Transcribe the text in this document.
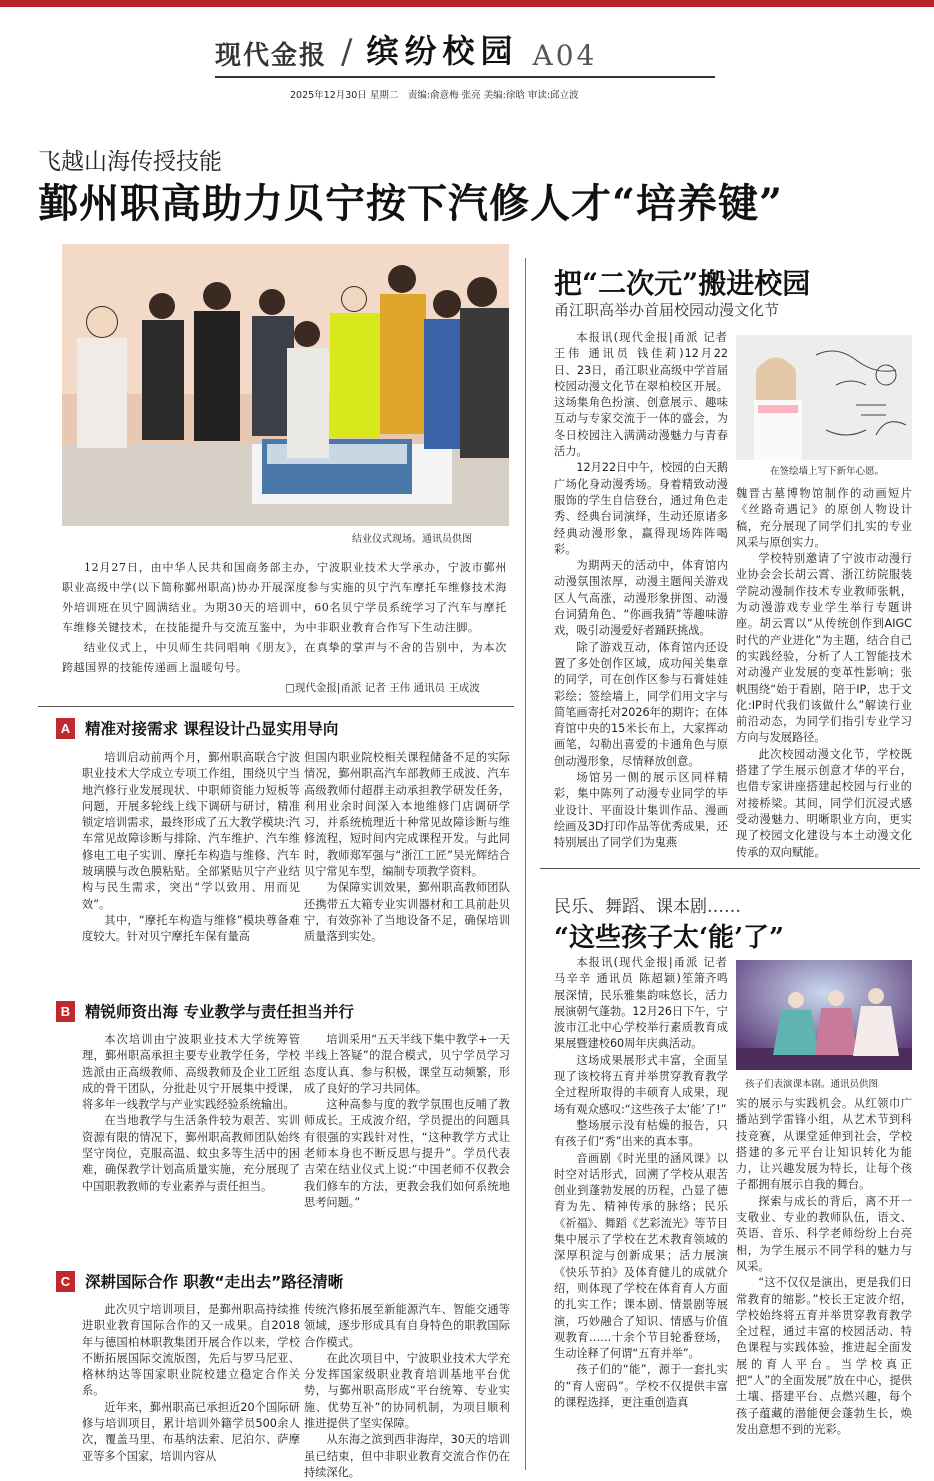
现代金报 / 缤纷校园 A04
2025年12月30日 星期二　责编:俞意梅 张亮 美编:徐晗 审读:邱立波
飞越山海传授技能
鄞州职高助力贝宁按下汽修人才“培养键”
结业仪式现场。通讯员供图

12月27日，由中华人民共和国商务部主办，宁波职业技术大学承办，宁波市鄞州职业高级中学(以下简称鄞州职高)协办开展深度参与实施的贝宁汽车摩托车维修技术海外培训班在贝宁圆满结业。为期30天的培训中，60名贝宁学员系统学习了汽车与摩托车维修关键技术，在技能提升与交流互鉴中，为中非职业教育合作写下生动注脚。

结业仪式上，中贝师生共同唱响《朋友》，在真挚的掌声与不舍的告别中，为本次跨越国界的技能传递画上温暖句号。

□现代金报|甬派 记者 王伟 通讯员 王成波
A 精准对接需求 课程设计凸显实用导向

培训启动前两个月，鄞州职高联合宁波职业技术大学成立专项工作组，围绕贝宁当地汽修行业发展现状、中职师资能力短板等问题，开展多轮线上线下调研与研讨，精准锁定培训需求，最终形成了五大教学模块:汽车常见故障诊断与排除、汽车维护、汽车维修电工电子实训、摩托车构造与维修、汽车玻璃膜与改色膜粘贴。全部紧贴贝宁产业结构与民生需求，突出“学以致用、用而见效”。

其中，“摩托车构造与维修”模块尊备难度较大。针对贝宁摩托车保有量高

但国内职业院校相关课程储备不足的实际情况，鄞州职高汽车部教师王成波、汽车高级教师付超群主动承担教学研发任务，利用业余时间深入本地维修门店调研学习，并系统梳理近十种常见故障诊断与维修流程，短时间内完成课程开发。与此同时，教师郑军强与“浙江工匠”吴光辉结合贝宁常见车型，编制专项教学资料。

为保障实训效果，鄞州职高教师团队还携带五大箱专业实训器材和工具前赴贝宁，有效弥补了当地设备不足，确保培训质量落到实处。

B 精锐师资出海 专业教学与责任担当并行

本次培训由宁波职业技术大学统筹管理，鄞州职高承担主要专业教学任务，学校选派由正高级教师、高级教师及企业工匠组成的骨干团队，分批赴贝宁开展集中授课，将多年一线教学与产业实践经验系统输出。

在当地教学与生活条件较为艰苦、实训资源有限的情况下，鄞州职高教师团队始终坚守岗位，克服高温、蚊虫多等生活中的困难，确保教学计划高质量实施，充分展现了中国职教教师的专业素养与责任担当。

培训采用“五天半线下集中教学+一天半线上答疑”的混合模式，贝宁学员学习态度认真、参与积极，课堂互动频繁，形成了良好的学习共同体。

这种高参与度的教学氛围也反哺了教师成长。王成波介绍，学员提出的问题具有很强的实践针对性，“这种教学方式让老师本身也不断反思与提升”。学员代表吉荣在结业仪式上说:“中国老师不仅教会我们修车的方法，更教会我们如何系统地思考问题。”

C 深耕国际合作 职教“走出去”路径清晰

此次贝宁培训项目，是鄞州职高持续推进职业教育国际合作的又一成果。自2018年与德国柏林职教集团开展合作以来，学校不断拓展国际交流版图，先后与罗马尼亚、格林纳达等国家职业院校建立稳定合作关系。

近年来，鄞州职高已承担近20个国际研修与培训项目，累计培训外籍学员500余人次，覆盖马里、布基纳法索、尼泊尔、萨摩亚等多个国家，培训内容从

传统汽修拓展至新能源汽车、智能交通等领域，逐步形成具有自身特色的职教国际合作模式。

在此次项目中，宁波职业技术大学充分发挥国家级职业教育培训基地平台优势，与鄞州职高形成“平台统筹、专业实施、优势互补”的协同机制，为项目顺利推进提供了坚实保障。

从东海之滨到西非海岸，30天的培训虽已结束，但中非职业教育交流合作仍在持续深化。

把“二次元”搬进校园
甬江职高举办首届校园动漫文化节

本报讯(现代金报|甬派 记者 王伟 通讯员 钱佳莉)12月22日、23日，甬江职业高级中学首届校园动漫文化节在翠柏校区开展。这场集角色扮演、创意展示、趣味互动与专家交流于一体的盛会，为冬日校园注入满满动漫魅力与青春活力。

12月22日中午，校园的白天鹅广场化身动漫秀场。身着精致动漫服饰的学生自信登台，通过角色走秀、经典台词演绎，生动还原诸多经典动漫形象，赢得现场阵阵喝彩。

为期两天的活动中，体育馆内动漫氛围浓厚，动漫主题闯关游戏区人气高涨，动漫形象拼图、动漫台词猜角色、“你画我猜”等趣味游戏，吸引动漫爱好者踊跃挑战。

除了游戏互动，体育馆内还设置了多处创作区域，成功闯关集章的同学，可在创作区参与石膏娃娃彩绘；签绘墙上，同学们用文字与简笔画寄托对2026年的期许；在体育馆中央的15米长布上，大家挥动画笔，勾勒出喜爱的卡通角色与原创动漫形象，尽情释放创意。

场馆另一侧的展示区同样精彩，集中陈列了动漫专业同学的毕业设计、平面设计集训作品、漫画绘画及3D打印作品等优秀成果，还特别展出了同学们为鬼燕

在签绘墙上写下新年心愿。

魏晋古墓博物馆制作的动画短片《丝路奇遇记》的原创人物设计稿，充分展现了同学们扎实的专业风采与原创实力。

学校特别邀请了宁波市动漫行业协会会长胡云霄、浙江纺院服装学院动漫制作技术专业教师张帆，为动漫游戏专业学生举行专题讲座。胡云霄以“从传统创作到AIGC时代的产业进化”为主题，结合自己的实践经验，分析了人工智能技术对动漫产业发展的变革性影响；张帆围绕“始于看剧，陪于IP，忠于文化:IP时代我们该做什么”解读行业前沿动态，为同学们指引专业学习方向与发展路径。

此次校园动漫文化节，学校既搭建了学生展示创意才华的平台，也借专家讲座搭建起校园与行业的对接桥梁。其间，同学们沉浸式感受动漫魅力、明晰职业方向，更实现了校园文化建设与本土动漫文化传承的双向赋能。

民乐、舞蹈、课本剧……
“这些孩子太‘能’了”

本报讯(现代金报|甬派 记者 马辛辛 通讯员 陈超颖)笙箫齐鸣展深情，民乐雅集韵味悠长，活力展演朝气蓬勃。12月26日下午，宁波市江北中心学校举行素质教育成果展暨建校60周年庆典活动。

这场成果展形式丰富，全面呈现了该校将五育并举贯穿教育教学全过程所取得的丰硕育人成果，现场有观众感叹:“这些孩子太‘能’了!”

整场展示没有枯燥的报告，只有孩子们“秀”出来的真本事。

音画剧《时光里的涵风课》以时空对话形式，回溯了学校从艰苦创业到蓬勃发展的历程，凸显了德育为先、精神传承的脉络；民乐《祈福》、舞蹈《艺彩流光》等节目集中展示了学校在艺术教育领域的深厚积淀与创新成果；活力展演《快乐节拍》及体育健儿的成就介绍，则体现了学校在体育育人方面的扎实工作；课本剧、情景剧等展演，巧妙融合了知识、情感与价值观教育……十余个节目轮番登场，生动诠释了何谓“五育并举”。

孩子们的“能”，源于一套扎实的“育人密码”。学校不仅提供丰富的课程选择，更注重创造真

孩子们表演课本剧。通讯员供图

实的展示与实践机会。从红领巾广播站到学雷锋小组，从艺术节到科技竞赛，从课堂延伸到社会，学校搭建的多元平台让知识转化为能力，让兴趣发展为特长，让每个孩子都拥有展示自我的舞台。

探索与成长的背后，离不开一支敬业、专业的教师队伍，语文、英语、音乐、科学老师纷纷上台亮相，为学生展示不同学科的魅力与风采。

“这不仅仅是演出，更是我们日常教育的缩影。”校长王定波介绍，学校始终将五育并举贯穿教育教学全过程，通过丰富的校园活动、特色课程与实践体验，推进起全面发展的育人平台。当学校真正把“人”的全面发展”放在中心，提供土壤、搭建平台、点燃兴趣，每个孩子蕴藏的潜能便会蓬勃生长，焕发出意想不到的光彩。
